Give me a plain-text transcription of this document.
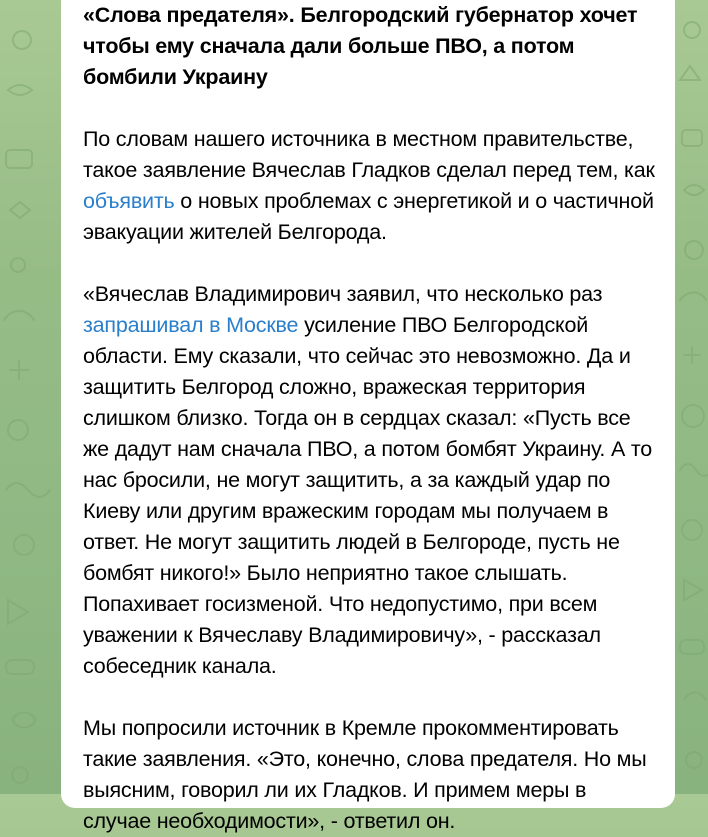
«Слова предателя». Белгородский губернатор хочет чтобы ему сначала дали больше ПВО, а потом бомбили Украину

По словам нашего источника в местном правительстве, такое заявление Вячеслав Гладков сделал перед тем, как объявить о новых проблемах с энергетикой и о частичной эвакуации жителей Белгорода.

«Вячеслав Владимирович заявил, что несколько раз запрашивал в Москве усиление ПВО Белгородской области. Ему сказали, что сейчас это невозможно. Да и защитить Белгород сложно, вражеская территория слишком близко. Тогда он в сердцах сказал: «Пусть все же дадут нам сначала ПВО, а потом бомбят Украину. А то нас бросили, не могут защитить, а за каждый удар по Киеву или другим вражеским городам мы получаем в ответ. Не могут защитить людей в Белгороде, пусть не бомбят никого!» Было неприятно такое слышать. Попахивает госизменой. Что недопустимо, при всем уважении к Вячеславу Владимировичу», - рассказал собеседник канала.

Мы попросили источник в Кремле прокомментировать такие заявления. «Это, конечно, слова предателя. Но мы выясним, говорил ли их Гладков. И примем меры в случае необходимости», - ответил он.
